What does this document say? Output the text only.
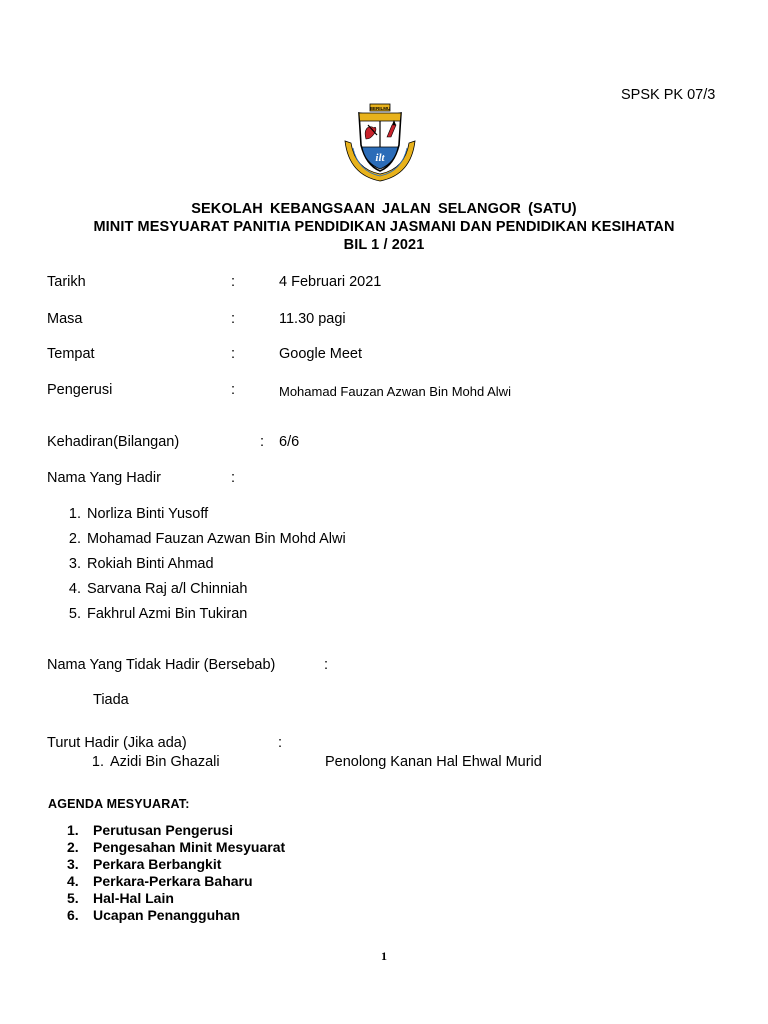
SPSK PK 07/3
BERILMU
ilt
SEKOLAH KEBANGSAAN JALAN SELANGOR (SATU)
MINIT MESYUARAT PANITIA PENDIDIKAN JASMANI DAN PENDIDIKAN KESIHATAN
BIL 1 / 2021
Tarikh	:	4 Februari 2021
Masa	:	11.30 pagi
Tempat	:	Google Meet
Pengerusi	:	Mohamad Fauzan Azwan Bin Mohd Alwi
Kehadiran(Bilangan)	: 6/6
Nama Yang Hadir	:
1. Norliza Binti Yusoff
2. Mohamad Fauzan Azwan Bin Mohd Alwi
3. Rokiah Binti Ahmad
4. Sarvana Raj a/l Chinniah
5. Fakhrul Azmi Bin Tukiran
Nama Yang Tidak Hadir (Bersebab)	:
Tiada
Turut Hadir (Jika ada)	:
1. Azidi Bin Ghazali	Penolong Kanan Hal Ehwal Murid
AGENDA MESYUARAT:
1. Perutusan Pengerusi
2. Pengesahan Minit Mesyuarat
3. Perkara Berbangkit
4. Perkara-Perkara Baharu
5. Hal-Hal Lain
6. Ucapan Penangguhan
1
